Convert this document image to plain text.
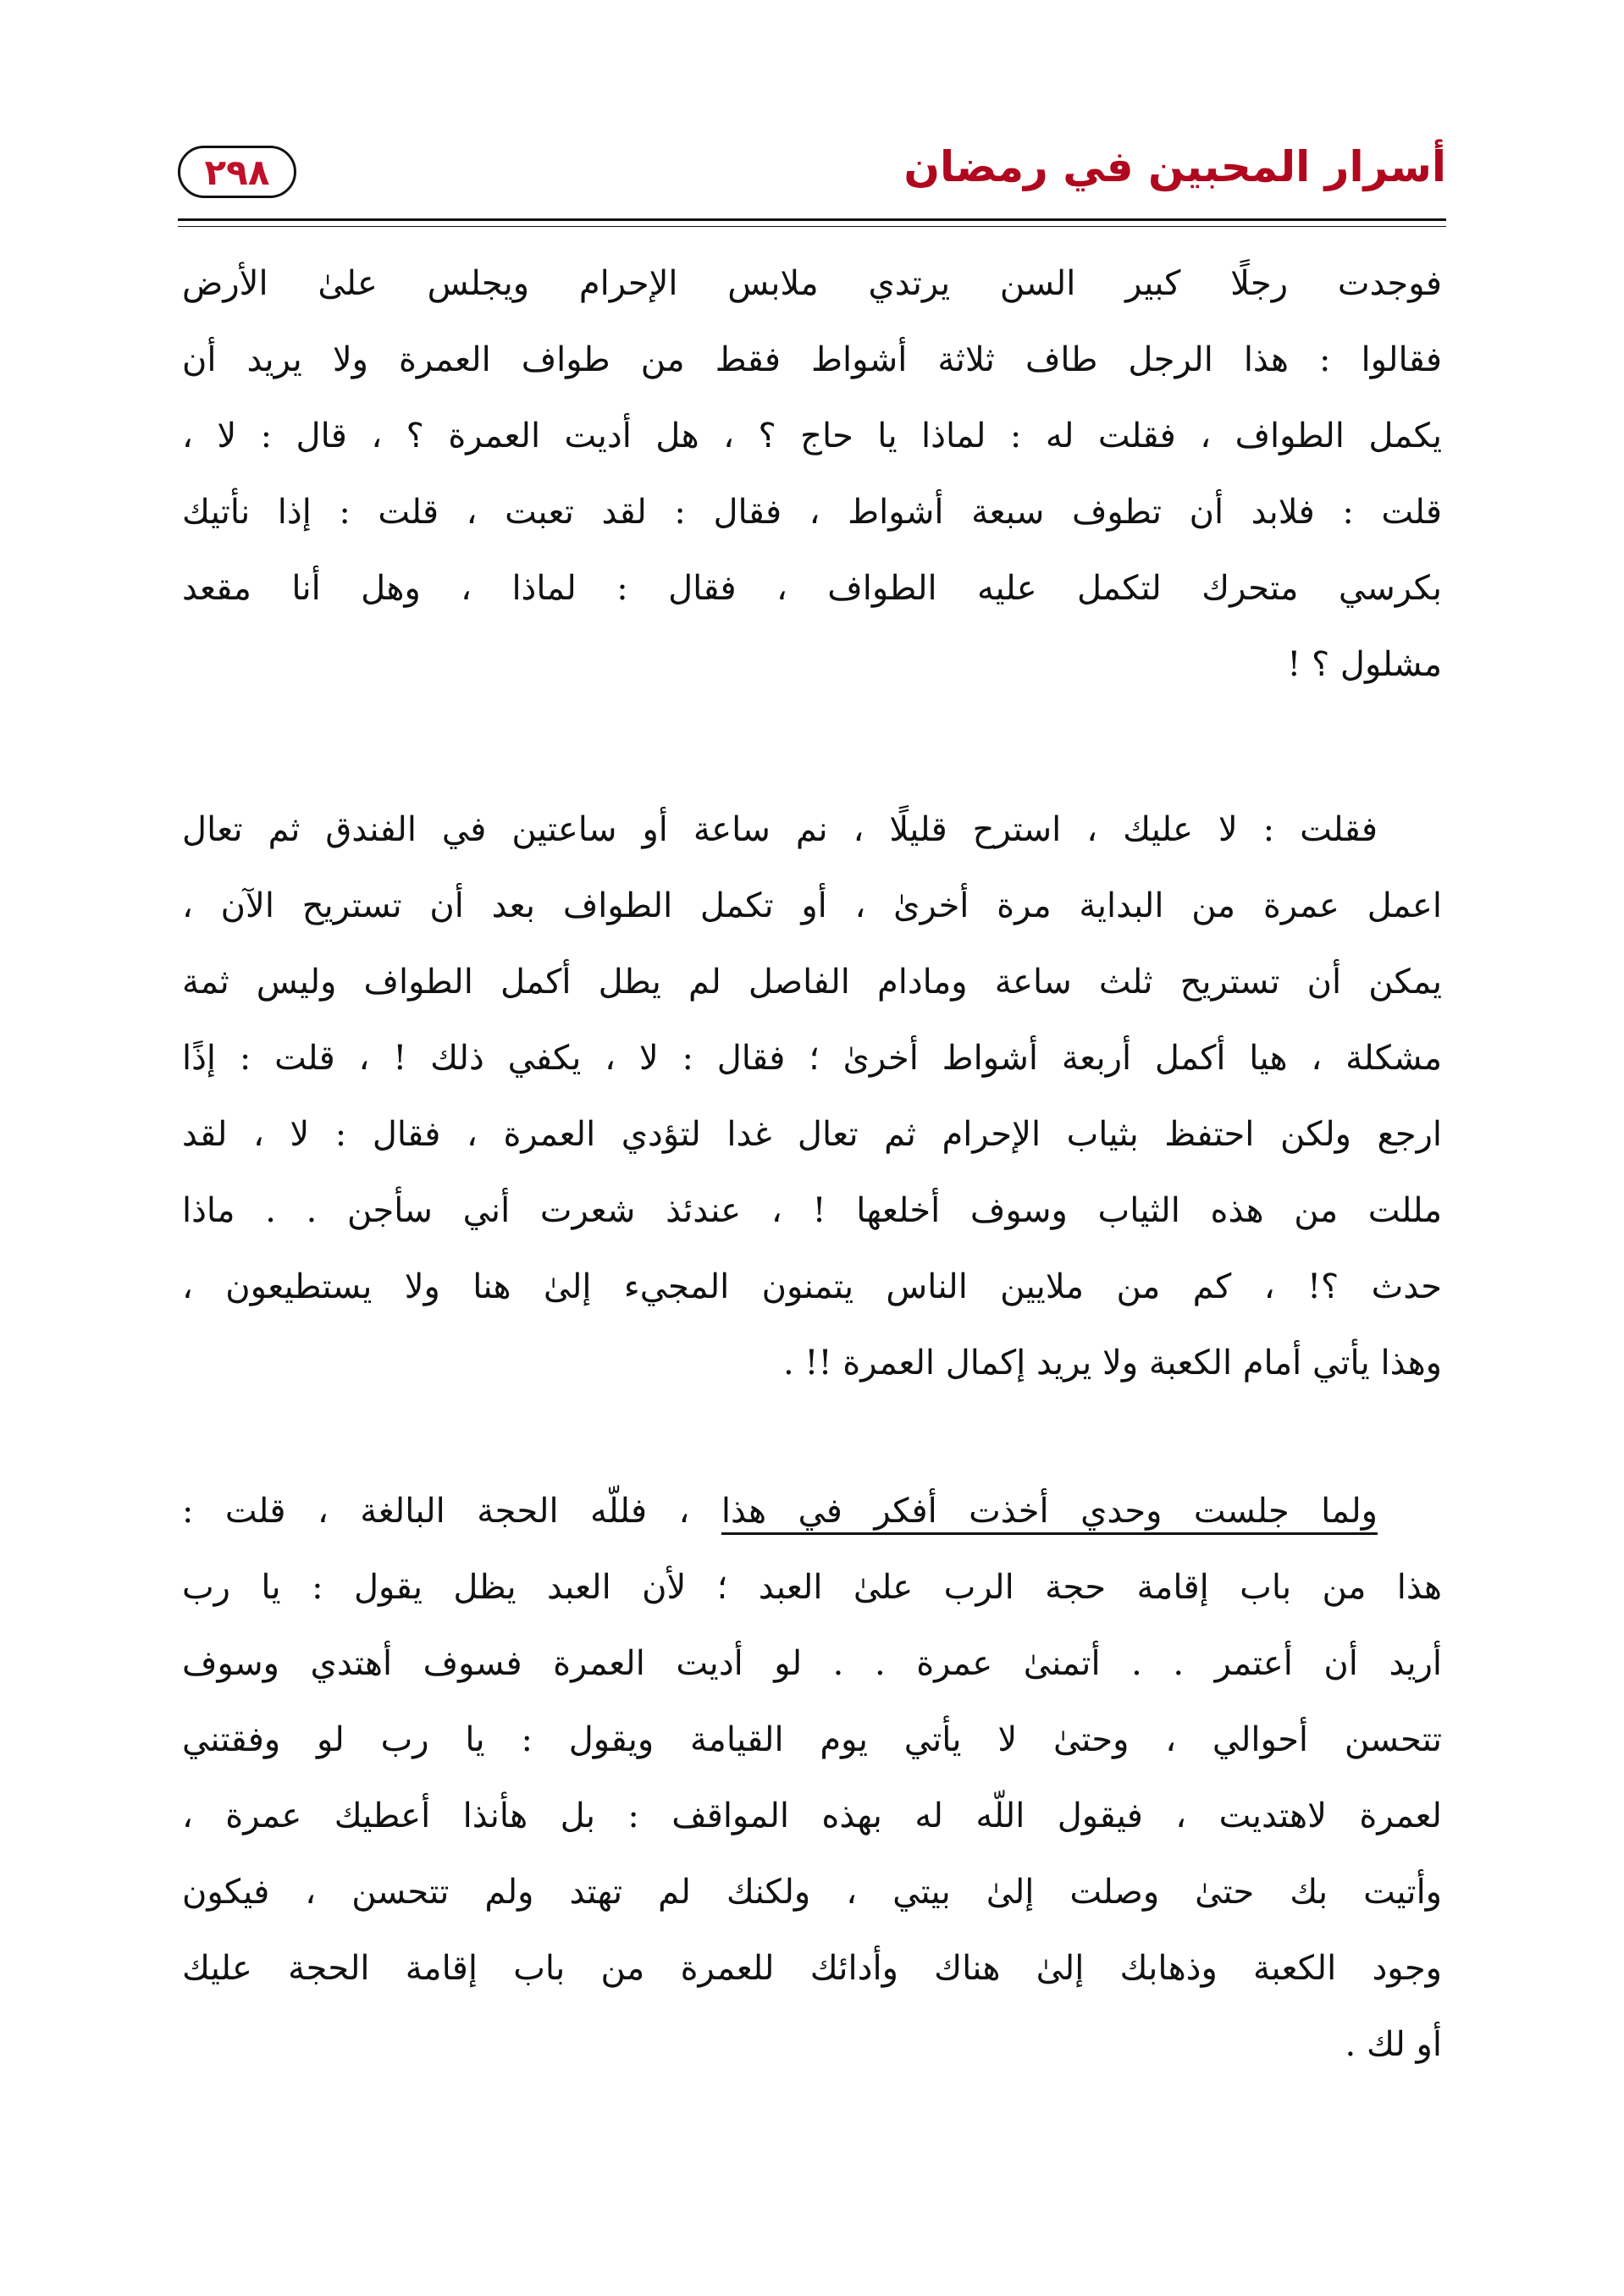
٢٩٨	أسرار المحبين في رمضان
فوجدت رجلًا كبير السن يرتدي ملابس الإحرام ويجلس علىٰ الأرض
فقالوا : هذا الرجل طاف ثلاثة أشواط فقط من طواف العمرة ولا يريد أن
يكمل الطواف ، فقلت له : لماذا يا حاج ؟ ، هل أديت العمرة ؟ ، قال : لا ،
قلت : فلابد أن تطوف سبعة أشواط ، فقال : لقد تعبت ، قلت : إذا نأتيك
بكرسي متحرك لتكمل عليه الطواف ، فقال : لماذا ، وهل أنا مقعد
مشلول ؟ !
فقلت : لا عليك ، استرح قليلًا ، نم ساعة أو ساعتين في الفندق ثم تعال
اعمل عمرة من البداية مرة أخرىٰ ، أو تكمل الطواف بعد أن تستريح الآن ،
يمكن أن تستريح ثلث ساعة ومادام الفاصل لم يطل أكمل الطواف وليس ثمة
مشكلة ، هيا أكمل أربعة أشواط أخرىٰ ؛ فقال : لا ، يكفي ذلك ! ، قلت : إذًا
ارجع ولكن احتفظ بثياب الإحرام ثم تعال غدا لتؤدي العمرة ، فقال : لا ، لقد
مللت من هذه الثياب وسوف أخلعها ! ، عندئذ شعرت أني سأجن . . ماذا
حدث ؟! ، كم من ملايين الناس يتمنون المجيء إلىٰ هنا ولا يستطيعون ،
وهذا يأتي أمام الكعبة ولا يريد إكمال العمرة !! .
ولما جلست وحدي أخذت أفكر في هذا ، فللّه الحجة البالغة ، قلت :
هذا من باب إقامة حجة الرب علىٰ العبد ؛ لأن العبد يظل يقول : يا رب
أريد أن أعتمر . . أتمنىٰ عمرة . . لو أديت العمرة فسوف أهتدي وسوف
تتحسن أحوالي ، وحتىٰ لا يأتي يوم القيامة ويقول : يا رب لو وفقتني
لعمرة لاهتديت ، فيقول اللّه له بهذه المواقف : بل هأنذا أعطيك عمرة ،
وأتيت بك حتىٰ وصلت إلىٰ بيتي ، ولكنك لم تهتد ولم تتحسن ، فيكون
وجود الكعبة وذهابك إلىٰ هناك وأدائك للعمرة من باب إقامة الحجة عليك
أو لك .
